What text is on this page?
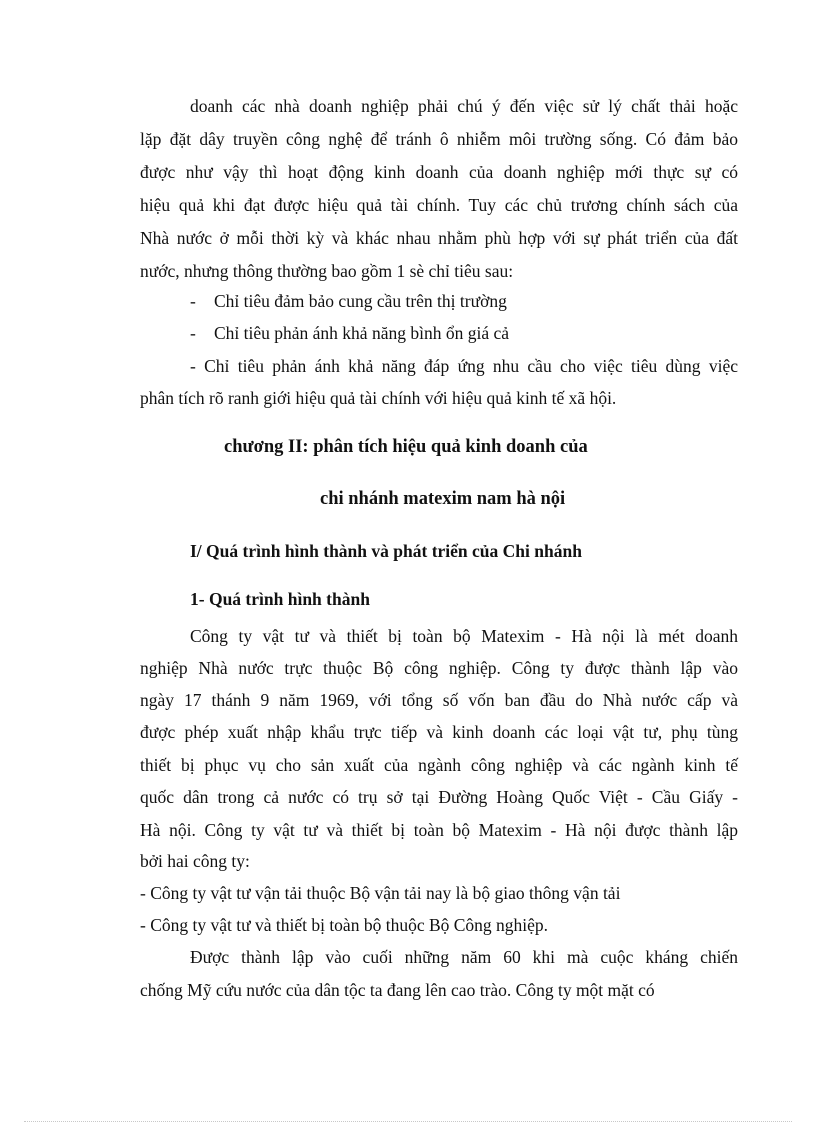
doanh các nhà doanh nghiệp phải chú ý đến việc sử lý chất thải hoặc
lặp đặt dây truyền công nghệ để tránh ô nhiễm môi trường sống. Có đảm bảo
được như vậy thì hoạt động kinh doanh của doanh nghiệp mới thực sự có
hiệu quả khi đạt được hiệu quả tài chính. Tuy các chủ trương chính sách của
Nhà nước ở mỗi thời kỳ và khác nhau nhằm phù hợp với sự phát triển của đất
nước, nhưng thông thường bao gồm 1 sè chỉ tiêu sau:
- Chỉ tiêu đảm bảo cung cầu trên thị trường
- Chỉ tiêu phản ánh khả năng bình ổn giá cả
- Chỉ tiêu phản ánh khả năng đáp ứng nhu cầu cho việc tiêu dùng việc
phân tích rõ ranh giới hiệu quả tài chính với hiệu quả kinh tế xã hội.
chương II: phân tích hiệu quả kinh doanh của
chi nhánh matexim nam hà nội
I/ Quá trình hình thành và phát triển của Chi nhánh
1- Quá trình hình thành
Công ty vật tư và thiết bị toàn bộ Matexim - Hà nội là mét doanh
nghiệp Nhà nước trực thuộc Bộ công nghiệp. Công ty được thành lập vào
ngày 17 thánh 9 năm 1969, với tổng số vốn ban đầu do Nhà nước cấp và
được phép xuất nhập khẩu trực tiếp và kinh doanh các loại vật tư, phụ tùng
thiết bị phục vụ cho sản xuất của ngành công nghiệp và các ngành kinh tế
quốc dân trong cả nước có trụ sở tại Đường Hoàng Quốc Việt - Cầu Giấy -
Hà nội. Công ty vật tư và thiết bị toàn bộ Matexim - Hà nội được thành lập
bởi hai công ty:
- Công ty vật tư vận tải thuộc Bộ vận tải nay là bộ giao thông vận tải
- Công ty vật tư và thiết bị toàn bộ thuộc Bộ Công nghiệp.
Được thành lập vào cuối những năm 60 khi mà cuộc kháng chiến
chống Mỹ cứu nước của dân tộc ta đang lên cao trào. Công ty một mặt có
